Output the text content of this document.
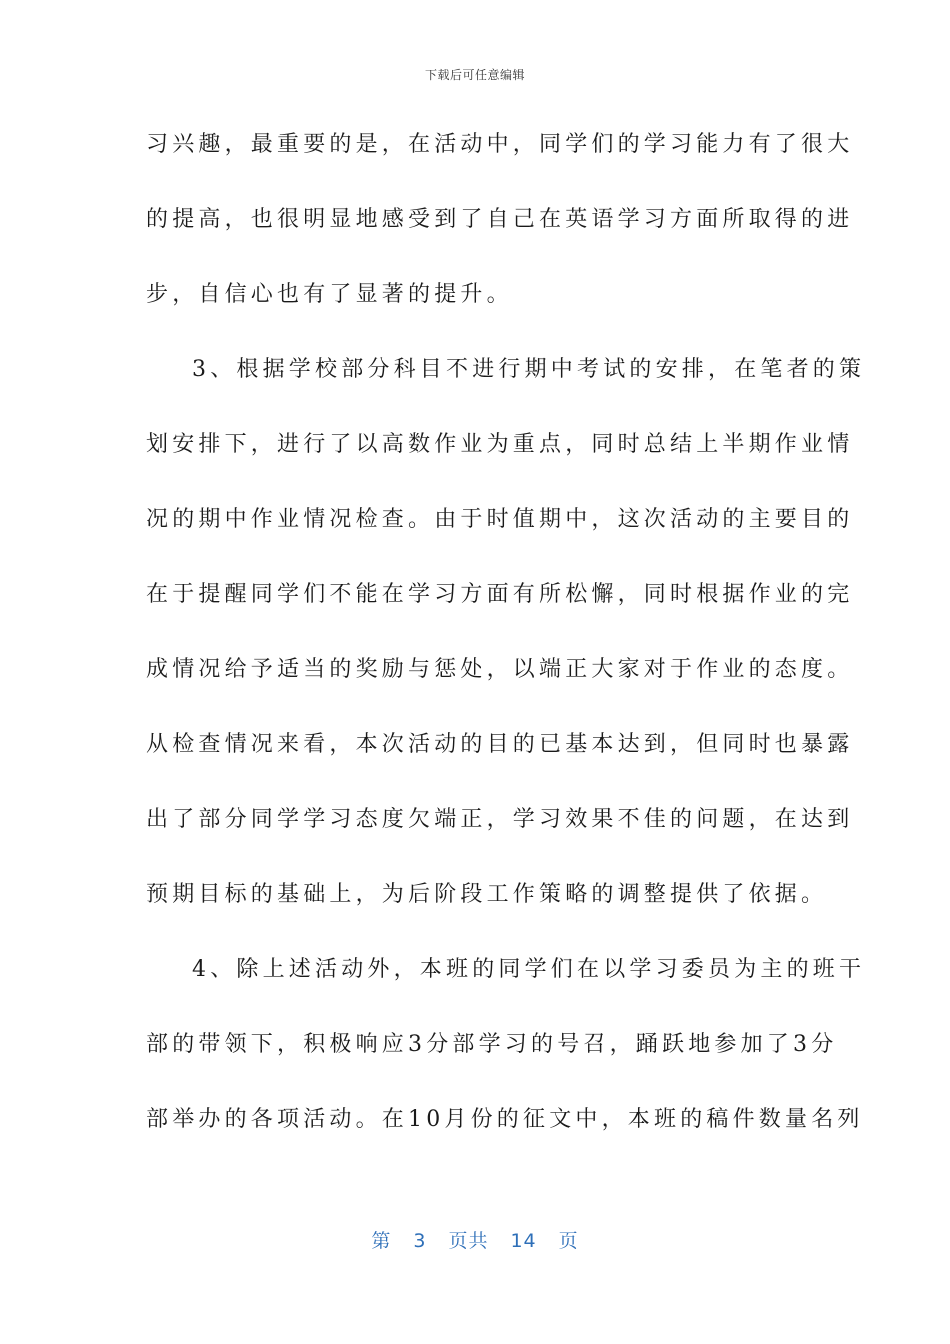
下载后可任意编辑
习兴趣，最重要的是，在活动中，同学们的学习能力有了很大
的提高，也很明显地感受到了自己在英语学习方面所取得的进
步，自信心也有了显著的提升。
3、根据学校部分科目不进行期中考试的安排，在笔者的策
划安排下，进行了以高数作业为重点，同时总结上半期作业情
况的期中作业情况检查。由于时值期中，这次活动的主要目的
在于提醒同学们不能在学习方面有所松懈，同时根据作业的完
成情况给予适当的奖励与惩处，以端正大家对于作业的态度。
从检查情况来看，本次活动的目的已基本达到，但同时也暴露
出了部分同学学习态度欠端正，学习效果不佳的问题，在达到
预期目标的基础上，为后阶段工作策略的调整提供了依据。
4、除上述活动外，本班的同学们在以学习委员为主的班干
部的带领下，积极响应3分部学习的号召，踊跃地参加了3分
部举办的各项活动。在10月份的征文中，本班的稿件数量名列
第 3 页共 14 页
